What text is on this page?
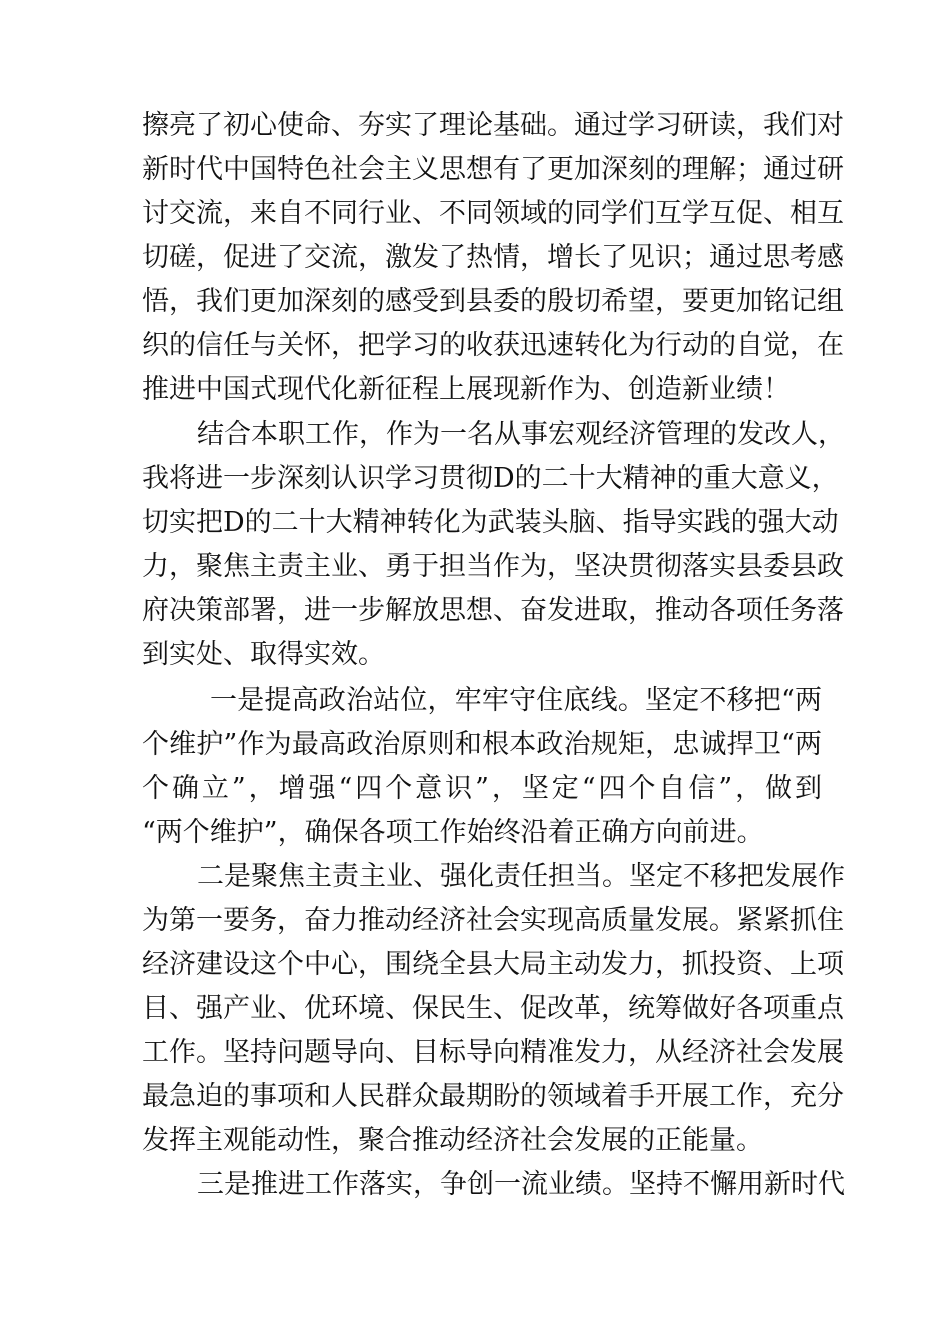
擦亮了初心使命、夯实了理论基础。通过学习研读，我们对
新时代中国特色社会主义思想有了更加深刻的理解；通过研
讨交流，来自不同行业、不同领域的同学们互学互促、相互
切磋，促进了交流，激发了热情，增长了见识；通过思考感
悟，我们更加深刻的感受到县委的殷切希望，要更加铭记组
织的信任与关怀，把学习的收获迅速转化为行动的自觉，在
推进中国式现代化新征程上展现新作为、创造新业绩！
结合本职工作，作为一名从事宏观经济管理的发改人，
我将进一步深刻认识学习贯彻D的二十大精神的重大意义，
切实把D的二十大精神转化为武装头脑、指导实践的强大动
力，聚焦主责主业、勇于担当作为，坚决贯彻落实县委县政
府决策部署，进一步解放思想、奋发进取，推动各项任务落
到实处、取得实效。
一是提高政治站位，牢牢守住底线。坚定不移把“两
个维护”作为最高政治原则和根本政治规矩，忠诚捍卫“两
个确立”，增强“四个意识”，坚定“四个自信”，做到
“两个维护”，确保各项工作始终沿着正确方向前进。
二是聚焦主责主业、强化责任担当。坚定不移把发展作
为第一要务，奋力推动经济社会实现高质量发展。紧紧抓住
经济建设这个中心，围绕全县大局主动发力，抓投资、上项
目、强产业、优环境、保民生、促改革，统筹做好各项重点
工作。坚持问题导向、目标导向精准发力，从经济社会发展
最急迫的事项和人民群众最期盼的领域着手开展工作，充分
发挥主观能动性，聚合推动经济社会发展的正能量。
三是推进工作落实，争创一流业绩。坚持不懈用新时代
